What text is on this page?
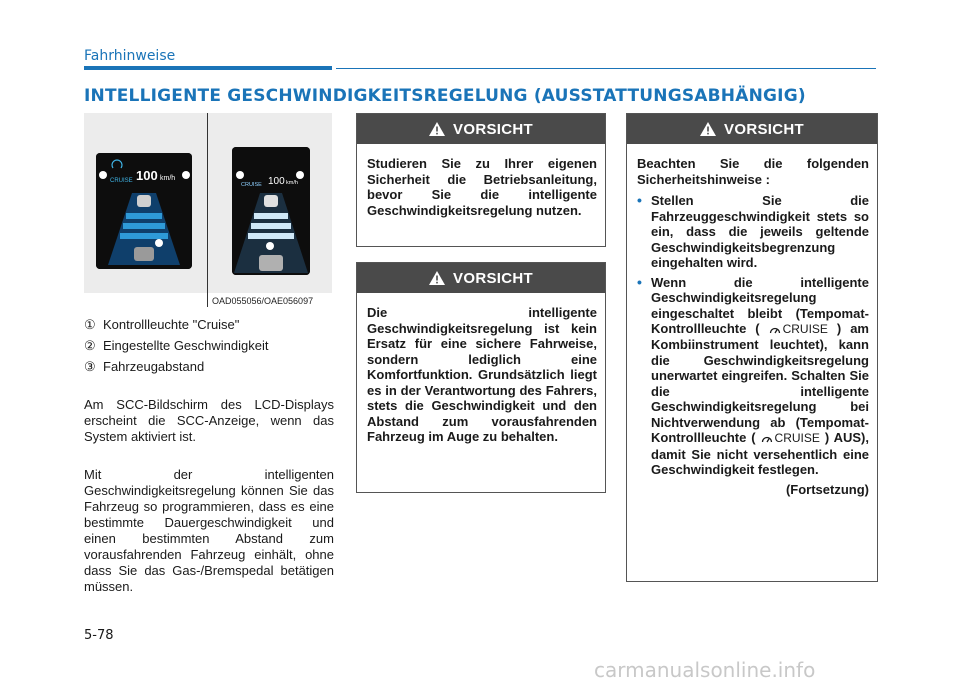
Fahrhinweise
INTELLIGENTE GESCHWINDIGKEITSREGELUNG (AUSSTATTUNGSABHÄNGIG)
CRUISE 100 km/h
CRUISE 100 km/h
OAD055056/OAE056097
① Kontrollleuchte "Cruise"
② Eingestellte Geschwindigkeit
③ Fahrzeugabstand

Am SCC-Bildschirm des LCD-Displays erscheint die SCC-Anzeige, wenn das System aktiviert ist.

Mit der intelligenten Geschwindigkeitsregelung können Sie das Fahrzeug so programmieren, dass es eine bestimmte Dauergeschwindigkeit und einen bestimmten Abstand zum vorausfahrenden Fahrzeug einhält, ohne dass Sie das Gas-/Bremspedal betätigen müssen.

VORSICHT
Studieren Sie zu Ihrer eigenen Sicherheit die Betriebsanleitung, bevor Sie die intelligente Geschwindigkeitsregelung nutzen.
VORSICHT
Die intelligente Geschwindigkeitsregelung ist kein Ersatz für eine sichere Fahrweise, sondern lediglich eine Komfortfunktion. Grundsätzlich liegt es in der Verantwortung des Fahrers, stets die Geschwindigkeit und den Abstand zum vorausfahrenden Fahrzeug im Auge zu behalten.
VORSICHT
Beachten Sie die folgenden Sicherheitshinweise :
• Stellen Sie die Fahrzeuggeschwindigkeit stets so ein, dass die jeweils geltende Geschwindigkeitsbegrenzung eingehalten wird.
• Wenn die intelligente Geschwindigkeitsregelung eingeschaltet bleibt (Tempomat-Kontrollleuchte ( CRUISE ) am Kombiinstrument leuchtet), kann die Geschwindigkeitsregelung unerwartet eingreifen. Schalten Sie die intelligente Geschwindigkeitsregelung bei Nichtverwendung ab (Tempomat-Kontrollleuchte ( CRUISE ) AUS), damit Sie nicht versehentlich eine Geschwindigkeit festlegen.
(Fortsetzung)
5-78
carmanualsonline.info
